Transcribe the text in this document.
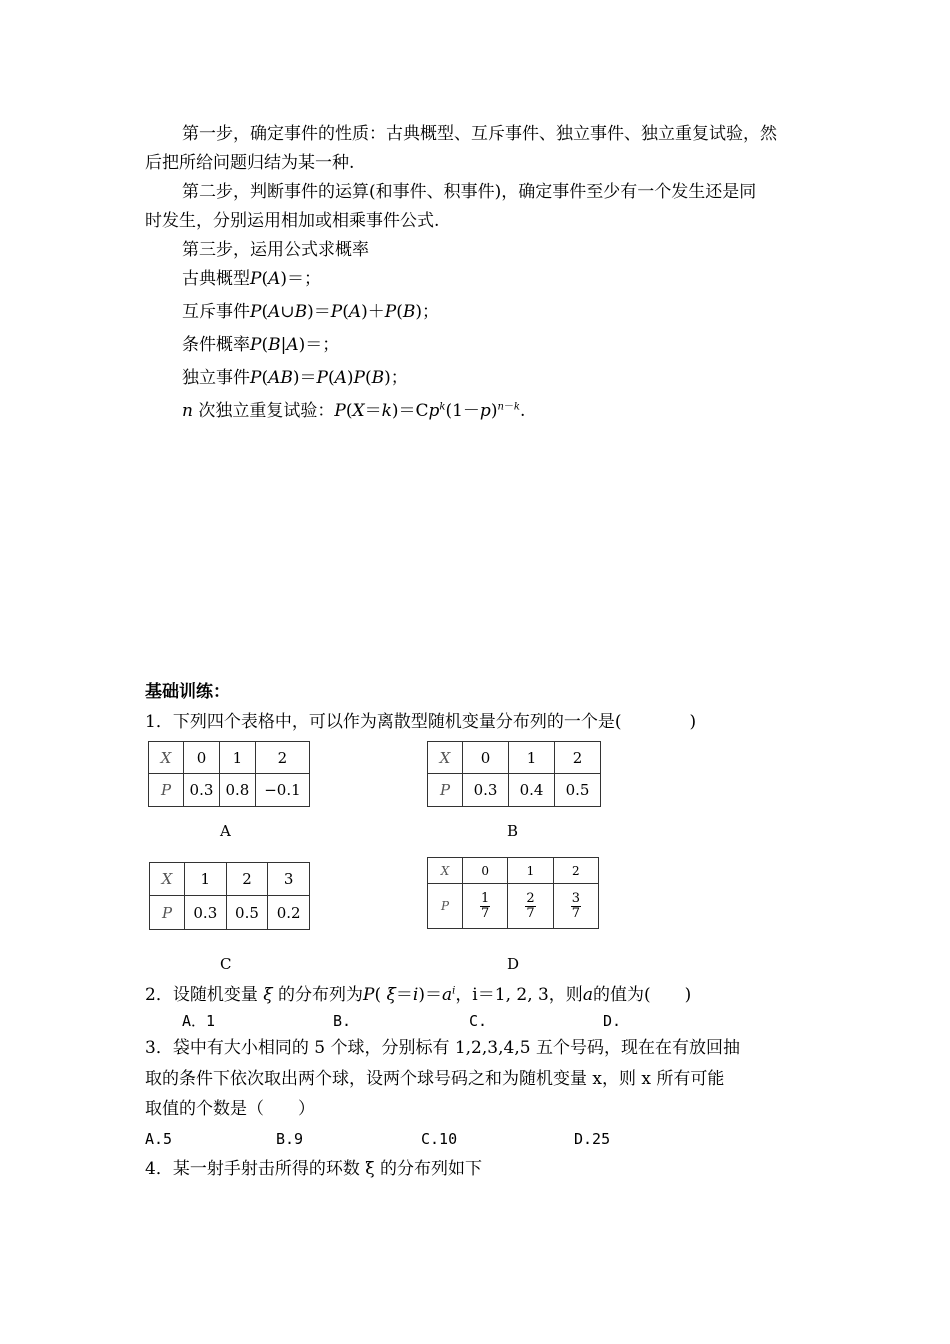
第一步，确定事件的性质：古典概型、互斥事件、独立事件、独立重复试验，然
后把所给问题归结为某一种.
第二步，判断事件的运算(和事件、积事件)，确定事件至少有一个发生还是同
时发生，分别运用相加或相乘事件公式.
第三步，运用公式求概率
古典概型P(A)＝；
互斥事件P(A∪B)＝P(A)＋P(B)；
条件概率P(B|A)＝；
独立事件P(AB)＝P(A)P(B)；
n 次独立重复试验：$P(X=k)=Cp^k(1-p)^{n-k}$.
基础训练：
1．下列四个表格中，可以作为离散型随机变量分布列的一个是(　　　　)
X	0	1	2
P	0.3	0.8	−0.1
A
X	0	1	2
P	0.3	0.4	0.5
B
X	1	2	3
P	0.3	0.5	0.2
C
X	0	1	2
P	$\frac{1}{7}$	$\frac{2}{7}$	$\frac{3}{7}$
D
2．设随机变量 ξ 的分布列为P( $\xi=i)=a^i$，i＝1, 2, 3，则a的值为(　　)
A．1	B.	C.	D.
3．袋中有大小相同的 5 个球，分别标有 1,2,3,4,5 五个号码，现在在有放回抽
取的条件下依次取出两个球，设两个球号码之和为随机变量 x，则 x 所有可能
取值的个数是（　　）
A.5	B.9	C.10	D.25
4．某一射手射击所得的环数 ξ 的分布列如下
